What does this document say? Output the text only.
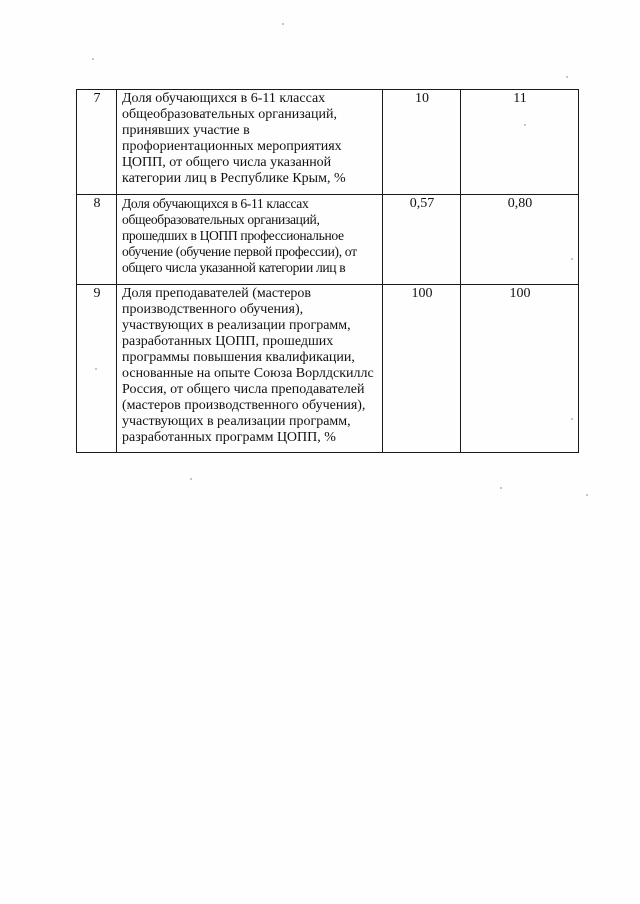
7	Доля обучающихся в 6-11 классах общеобразовательных организаций, принявших участие в профориентационных мероприятиях ЦОПП, от общего числа указанной категории лиц в Республике Крым, %	10	11
8	Доля обучающихся в 6-11 классах общеобразовательных организаций, прошедших в ЦОПП профессиональное обучение (обучение первой профессии), от общего числа указанной категории лиц в	0,57	0,80
9	Доля преподавателей (мастеров производственного обучения), участвующих в реализации программ, разработанных ЦОПП, прошедших программы повышения квалификации, основанные на опыте Союза Ворлдскиллс Россия, от общего числа преподавателей (мастеров производственного обучения), участвующих в реализации программ, разработанных программ ЦОПП, %	100	100
